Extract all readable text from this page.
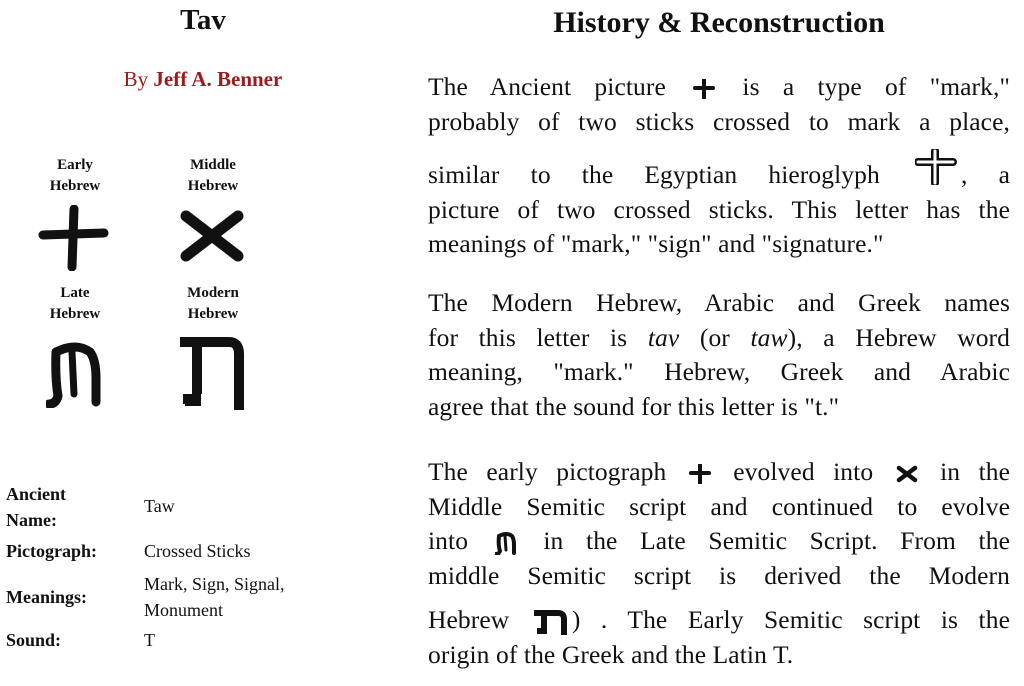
Tav
By Jeff A. Benner
Early
Hebrew
Middle
Hebrew
Late
Hebrew
Modern
Hebrew
Ancient
Name:
Taw
Pictograph:	Crossed Sticks
Meanings:
Mark, Sign, Signal,
Monument
Sound:	T
History & Reconstruction
The Ancient picture	is a type of "mark,"
probably of two sticks crossed to mark a place,
similar to the Egyptian hieroglyph	, a
picture of two crossed sticks. This letter has the
meanings of "mark," "sign" and "signature."
The Modern Hebrew, Arabic and Greek names
for this letter is tav (or taw), a Hebrew word
meaning, "mark." Hebrew, Greek and Arabic
agree that the sound for this letter is "t."
The early pictograph	evolved into	in the
Middle Semitic script and continued to evolve
into	in the Late Semitic Script. From the
middle Semitic script is derived the Modern
Hebrew ) . The Early Semitic script is the
origin of the Greek and the Latin T.
